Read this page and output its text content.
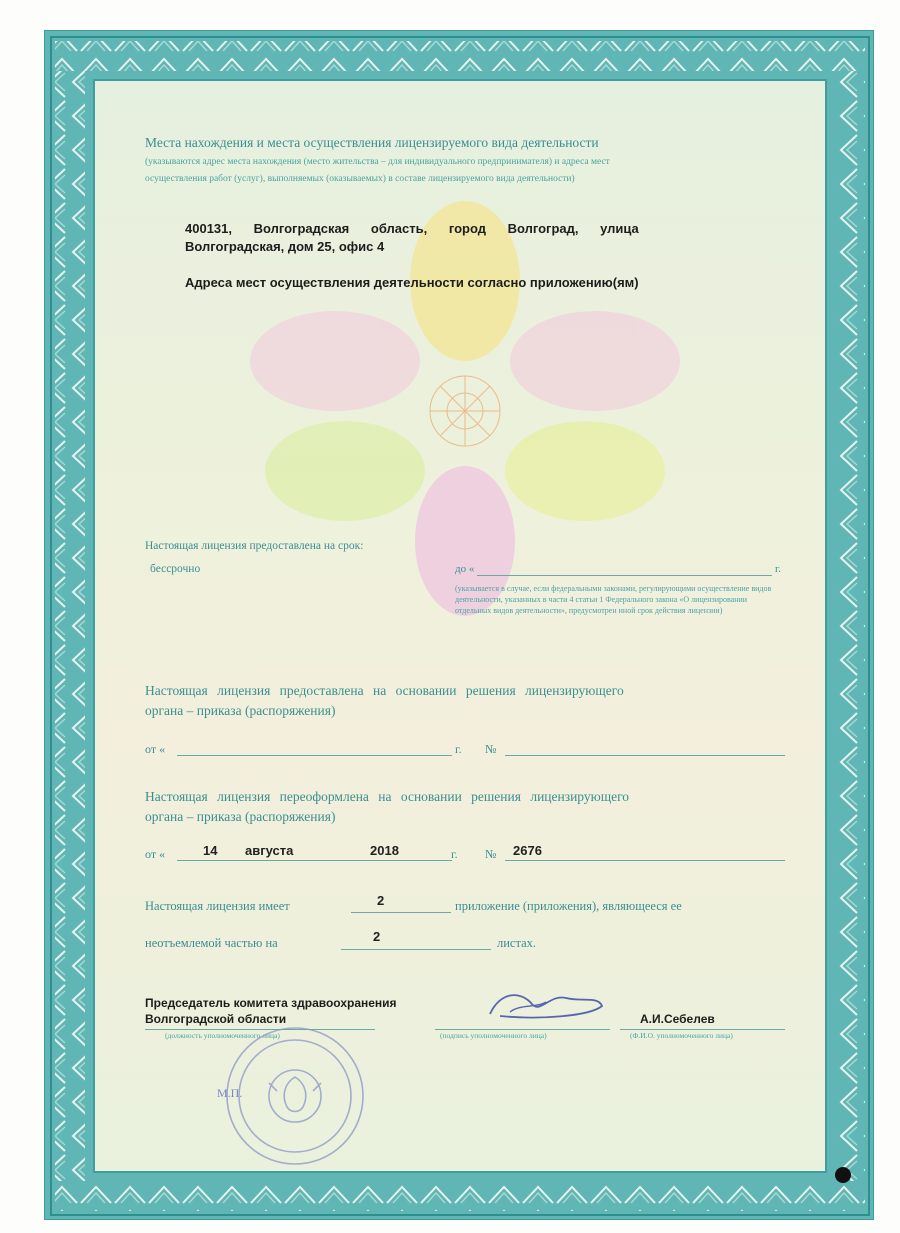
Места нахождения и места осуществления лицензируемого вида деятельности
(указываются адрес места нахождения (место жительства – для индивидуального предпринимателя) и адреса мест
осуществления работ (услуг), выполняемых (оказываемых) в составе лицензируемого вида деятельности)
400131, Волгоградская область, город Волгоград, улица
Волгоградская, дом 25, офис 4
Адреса мест осуществления деятельности согласно приложению(ям)
Настоящая лицензия предоставлена на срок:
бессрочно	до «	г.
(указывается в случае, если федеральными законами, регулирующими осуществление видов деятельности, указанных в части 4 статьи 1 Федерального закона «О лицензировании отдельных видов деятельности», предусмотрен иной срок действия лицензии)
Настоящая лицензия предоставлена на основании решения лицензирующего
органа – приказа (распоряжения)
от «	г. №
Настоящая лицензия переоформлена на основании решения лицензирующего
органа – приказа (распоряжения)
от «	14 августа	2018	г. № 2676
Настоящая лицензия имеет	2	приложение (приложения), являющееся ее
неотъемлемой частью на	2	листах.
Председатель комитета здравоохранения
Волгоградской области
(должность уполномоченного лица)	(подпись уполномоченного лица)
А.И.Себелев
(Ф.И.О. уполномоченного лица)
М.П.
